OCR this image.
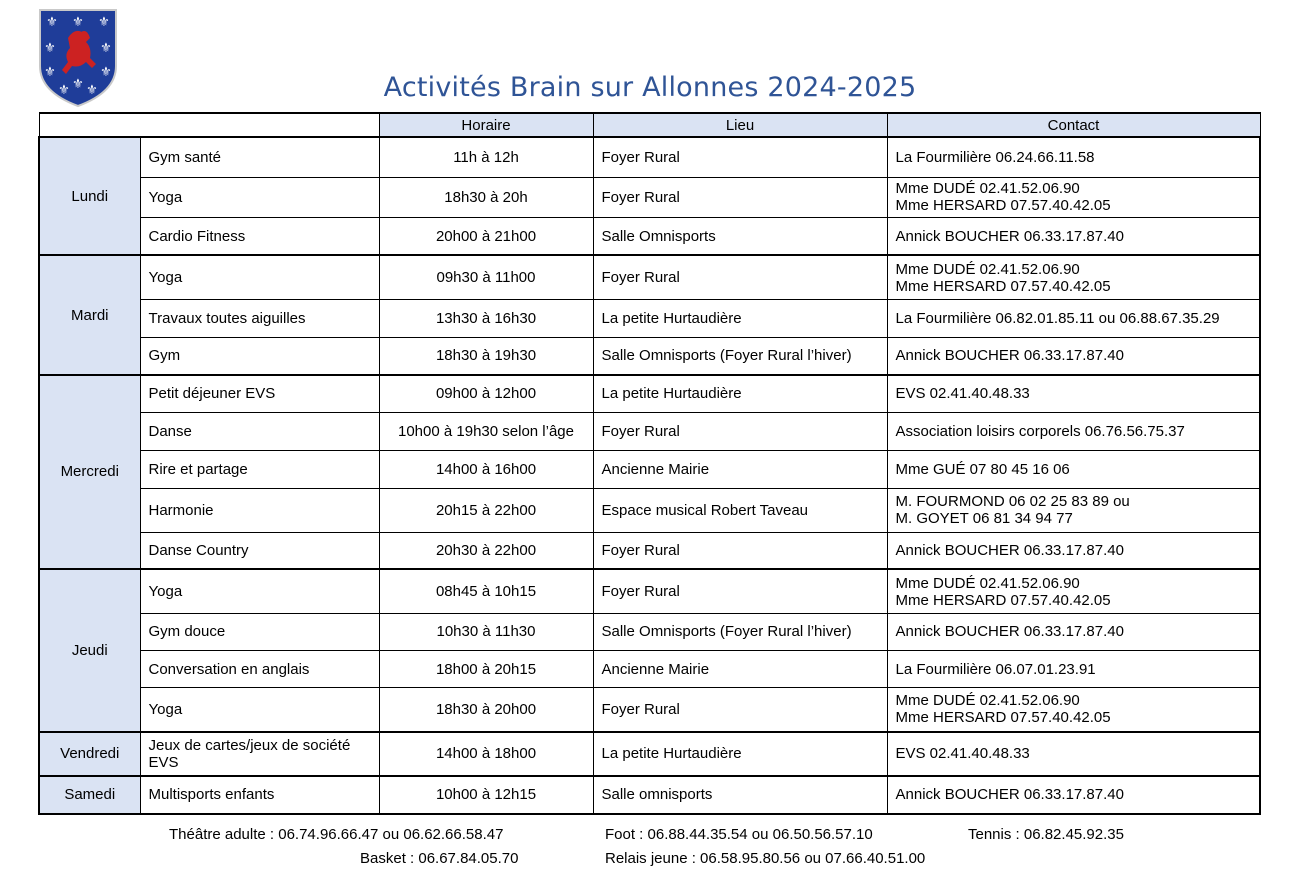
⚜ ⚜ ⚜
⚜	⚜
⚜	⚜
⚜ ⚜
⚜	Activités Brain sur Allonnes 2024-2025
		Horaire	Lieu	Contact
Lundi	Gym santé	11h à 12h	Foyer Rural	La Fourmilière 06.24.66.11.58

	Yoga	18h30 à 20h	Foyer Rural	Mme DUDÉ 02.41.52.06.90
Mme HERSARD 07.57.40.42.05

	Cardio Fitness	20h00 à 21h00	Salle Omnisports	Annick BOUCHER 06.33.17.87.40

Mardi	Yoga	09h30 à 11h00	Foyer Rural	Mme DUDÉ 02.41.52.06.90
Mme HERSARD 07.57.40.42.05

	Travaux toutes aiguilles	13h30 à 16h30	La petite Hurtaudière	La Fourmilière 06.82.01.85.11 ou 06.88.67.35.29

	Gym	18h30 à 19h30	Salle Omnisports (Foyer Rural l’hiver)	Annick BOUCHER 06.33.17.87.40

Mercredi	Petit déjeuner EVS	09h00 à 12h00	La petite Hurtaudière	EVS 02.41.40.48.33

	Danse	10h00 à 19h30 selon l’âge	Foyer Rural	Association loisirs corporels 06.76.56.75.37

	Rire et partage	14h00 à 16h00	Ancienne Mairie	Mme GUÉ 07 80 45 16 06

	Harmonie	20h15 à 22h00	Espace musical Robert Taveau	M. FOURMOND 06 02 25 83 89 ou
M. GOYET 06 81 34 94 77

	Danse Country	20h30 à 22h00	Foyer Rural	Annick BOUCHER 06.33.17.87.40

Jeudi	Yoga	08h45 à 10h15	Foyer Rural	Mme DUDÉ 02.41.52.06.90
Mme HERSARD 07.57.40.42.05

	Gym douce	10h30 à 11h30	Salle Omnisports (Foyer Rural l’hiver)	Annick BOUCHER 06.33.17.87.40

	Conversation en anglais	18h00 à 20h15	Ancienne Mairie	La Fourmilière 06.07.01.23.91

	Yoga	18h30 à 20h00	Foyer Rural	Mme DUDÉ 02.41.52.06.90
Mme HERSARD 07.57.40.42.05

Vendredi	Jeux de cartes/jeux de société EVS	14h00 à 18h00	La petite Hurtaudière	EVS 02.41.40.48.33

Samedi	Multisports enfants	10h00 à 12h15	Salle omnisports	Annick BOUCHER 06.33.17.87.40
Théâtre adulte : 06.74.96.66.47 ou 06.62.66.58.47	Foot : 06.88.44.35.54 ou 06.50.56.57.10	Tennis : 06.82.45.92.35
Basket : 06.67.84.05.70	Relais jeune : 06.58.95.80.56 ou 07.66.40.51.00
